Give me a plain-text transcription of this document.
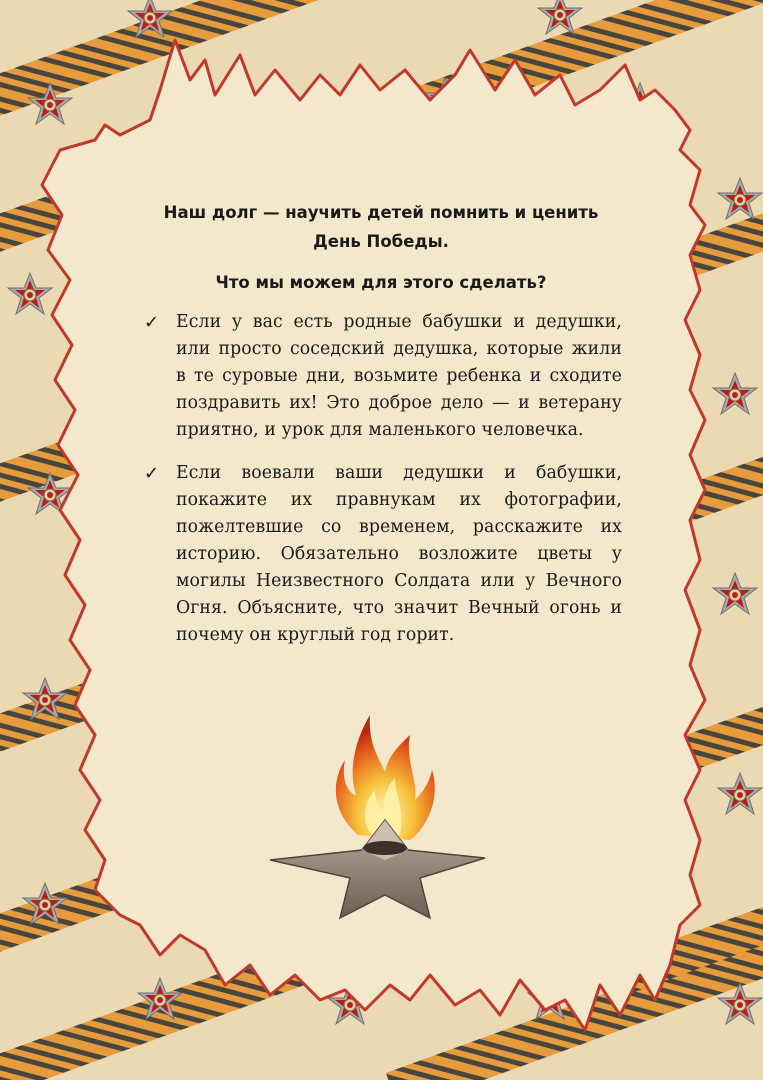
Наш долг — научить детей помнить и ценить День Победы.

Что мы можем для этого сделать?

✓ Если у вас есть родные бабушки и дедушки, или просто соседский дедушка, которые жили в те суровые дни, возьмите ребенка и сходите поздравить их! Это доброе дело — и ветерану приятно, и урок для маленького человечка.
✓ Если воевали ваши дедушки и бабушки, покажите их правнукам их фотографии, пожелтевшие со временем, расскажите их историю. Обязательно возложите цветы у могилы Неизвестного Солдата или у Вечного Огня. Объясните, что значит Вечный огонь и почему он круглый год горит.
